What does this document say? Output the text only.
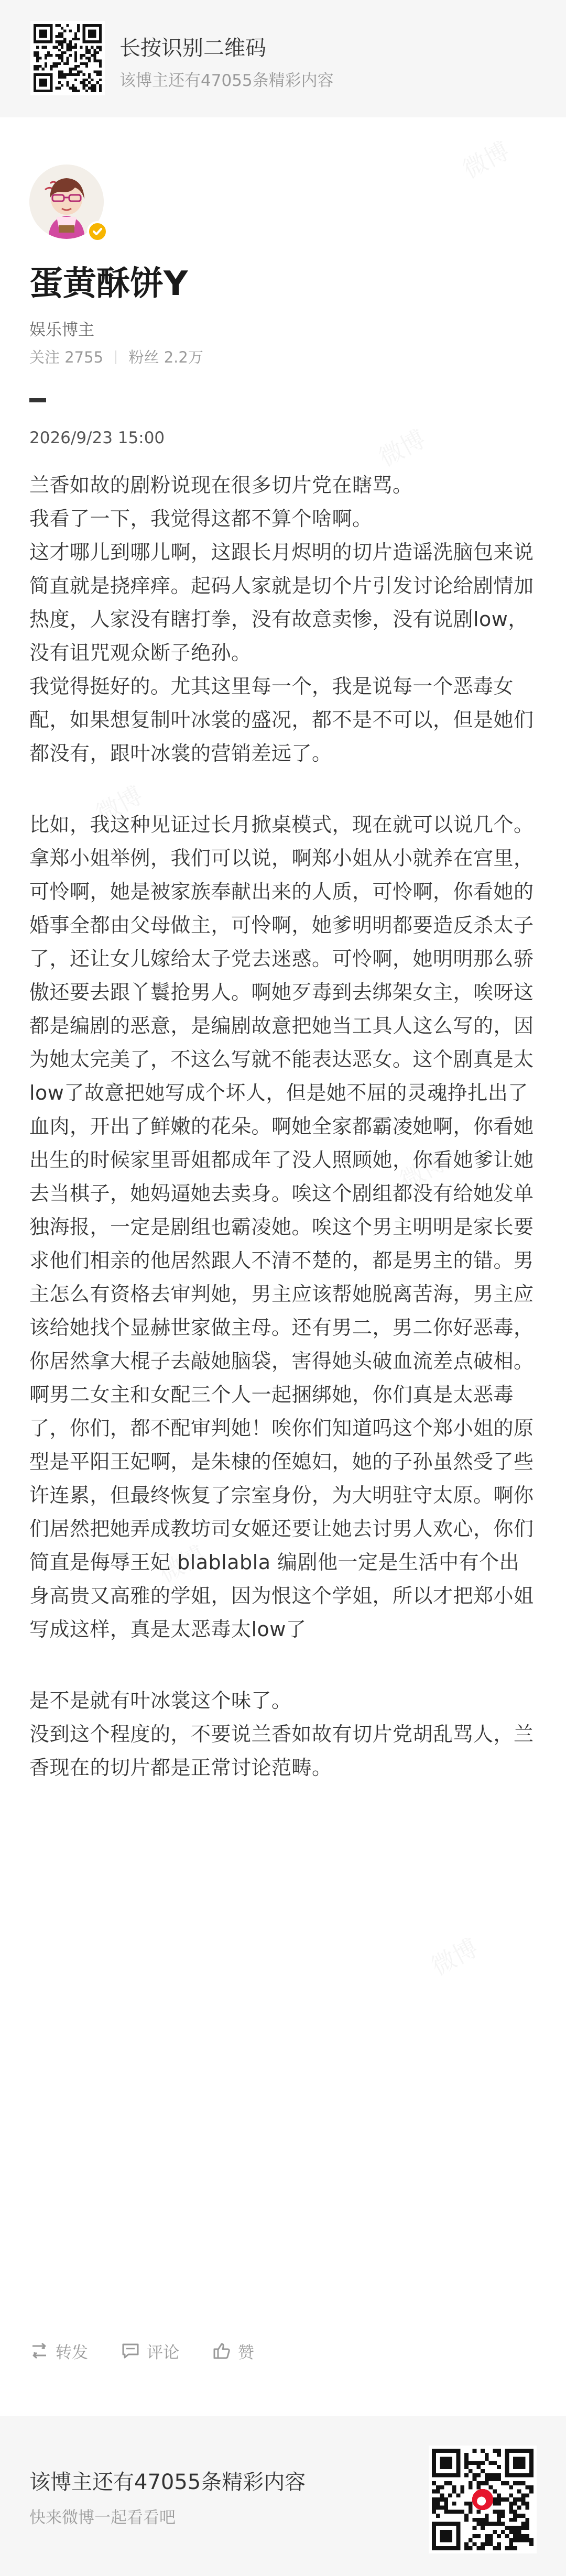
长按识别二维码
该博主还有47055条精彩内容
蛋黄酥饼Y
娱乐博主
关注 2755 粉丝 2.2万
2026/9/23 15:00

兰香如故的剧粉说现在很多切片党在瞎骂。

我看了一下，我觉得这都不算个啥啊。

这才哪儿到哪儿啊，这跟长月烬明的切片造谣洗脑包来说简直就是挠痒痒。起码人家就是切个片引发讨论给剧情加热度，人家没有瞎打拳，没有故意卖惨，没有说剧low，没有诅咒观众断子绝孙。

我觉得挺好的。尤其这里每一个，我是说每一个恶毒女配，如果想复制叶冰裳的盛况，都不是不可以，但是她们都没有，跟叶冰裳的营销差远了。

比如，我这种见证过长月掀桌模式，现在就可以说几个。拿郑小姐举例，我们可以说，啊郑小姐从小就养在宫里，可怜啊，她是被家族奉献出来的人质，可怜啊，你看她的婚事全都由父母做主，可怜啊，她爹明明都要造反杀太子了，还让女儿嫁给太子党去迷惑。可怜啊，她明明那么骄傲还要去跟丫鬟抢男人。啊她歹毒到去绑架女主，唉呀这都是编剧的恶意，是编剧故意把她当工具人这么写的，因为她太完美了，不这么写就不能表达恶女。这个剧真是太low了故意把她写成个坏人，但是她不屈的灵魂挣扎出了血肉，开出了鲜嫩的花朵。啊她全家都霸凌她啊，你看她出生的时候家里哥姐都成年了没人照顾她，你看她爹让她去当棋子，她妈逼她去卖身。唉这个剧组都没有给她发单独海报，一定是剧组也霸凌她。唉这个男主明明是家长要求他们相亲的他居然跟人不清不楚的，都是男主的错。男主怎么有资格去审判她，男主应该帮她脱离苦海，男主应该给她找个显赫世家做主母。还有男二，男二你好恶毒，你居然拿大棍子去敲她脑袋，害得她头破血流差点破相。啊男二女主和女配三个人一起捆绑她，你们真是太恶毒了，你们，都不配审判她！唉你们知道吗这个郑小姐的原型是平阳王妃啊，是朱棣的侄媳妇，她的子孙虽然受了些许连累，但最终恢复了宗室身份，为大明驻守太原。啊你们居然把她弄成教坊司女姬还要让她去讨男人欢心，你们简直是侮辱王妃 blablabla 编剧他一定是生活中有个出身高贵又高雅的学姐，因为恨这个学姐，所以才把郑小姐写成这样，真是太恶毒太low了

是不是就有叶冰裳这个味了。

没到这个程度的，不要说兰香如故有切片党胡乱骂人，兰香现在的切片都是正常讨论范畴。

转发	评论	赞
该博主还有47055条精彩内容
快来微博一起看看吧
